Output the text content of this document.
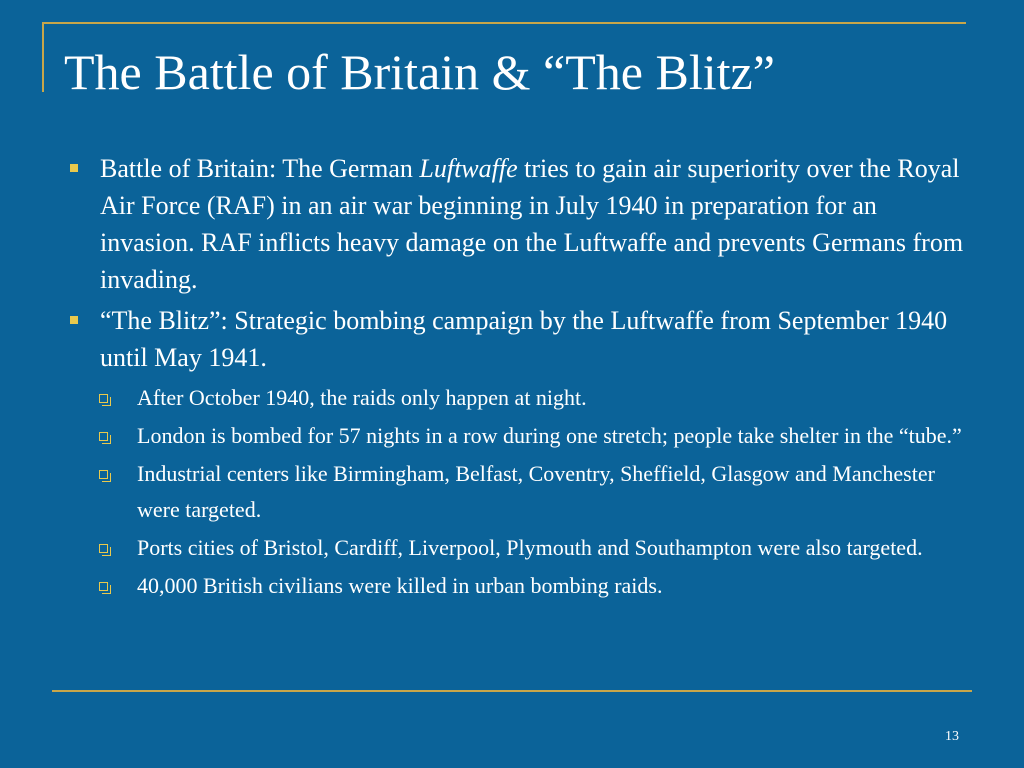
The Battle of Britain & “The Blitz”
Battle of Britain: The German Luftwaffe tries to gain air superiority over the Royal Air Force (RAF) in an air war beginning in July 1940 in preparation for an invasion. RAF inflicts heavy damage on the Luftwaffe and prevents Germans from invading.
“The Blitz”: Strategic bombing campaign by the Luftwaffe from September 1940 until May 1941.
After October 1940, the raids only happen at night.
London is bombed for 57 nights in a row during one stretch; people take shelter in the “tube.”
Industrial centers like Birmingham, Belfast, Coventry, Sheffield, Glasgow and Manchester were targeted.
Ports cities of Bristol, Cardiff, Liverpool, Plymouth and Southampton were also targeted.
40,000 British civilians were killed in urban bombing raids.
13
